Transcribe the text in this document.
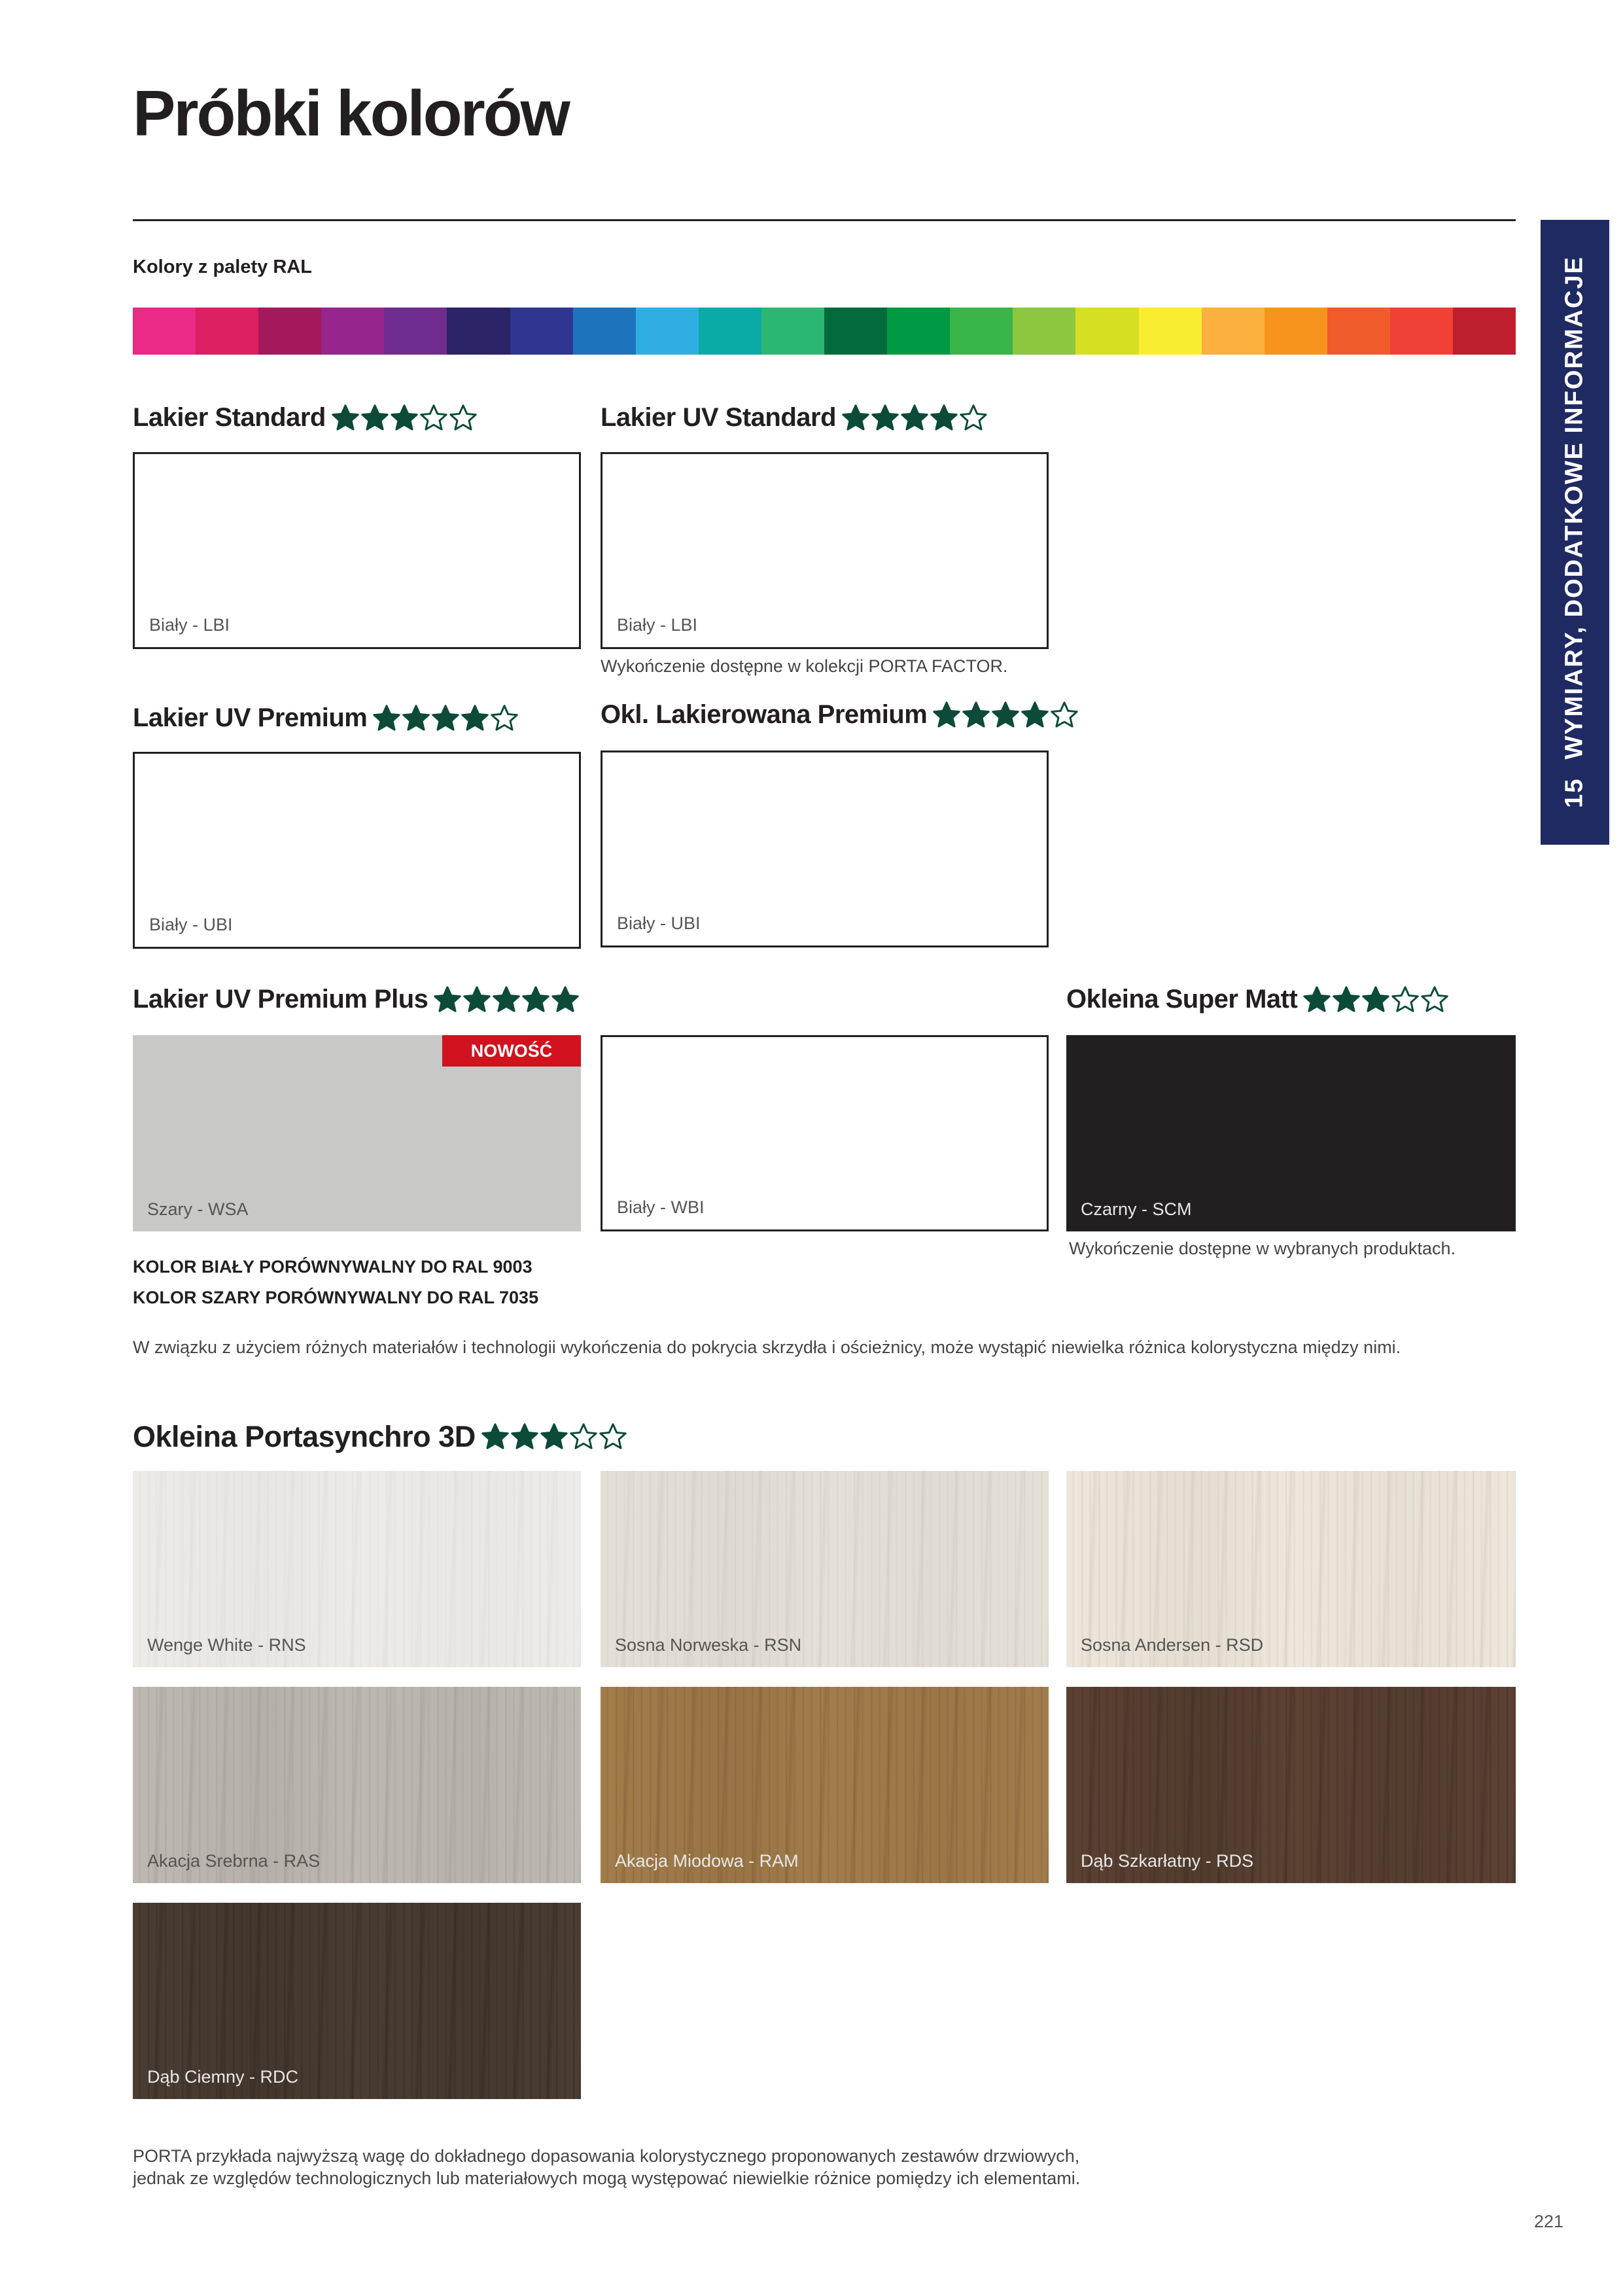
Próbki kolorów
15WYMIARY, DODATKOWE INFORMACJE
Kolory z palety RAL
Lakier Standard
Biały - LBI
Lakier UV Standard
Biały - LBI
Wykończenie dostępne w kolekcji PORTA FACTOR.
Lakier UV Premium
Biały - UBI
Okl. Lakierowana Premium
Biały - UBI
Lakier UV Premium Plus
NOWOŚĆ
Szary - WSA	Biały - WBI
Okleina Super Matt
Czarny - SCM
Wykończenie dostępne w wybranych produktach.
KOLOR BIAŁY PORÓWNYWALNY DO RAL 9003
KOLOR SZARY PORÓWNYWALNY DO RAL 7035
W związku z użyciem różnych materiałów i technologii wykończenia do pokrycia skrzydła i ościeżnicy, może wystąpić niewielka różnica kolorystyczna między nimi.
Okleina Portasynchro 3D
Wenge White - RNS	Sosna Norweska - RSN	Sosna Andersen - RSD
Akacja Srebrna - RAS	Akacja Miodowa - RAM	Dąb Szkarłatny - RDS
Dąb Ciemny - RDC
PORTA przykłada najwyższą wagę do dokładnego dopasowania kolorystycznego proponowanych zestawów drzwiowych,
jednak ze względów technologicznych lub materiałowych mogą występować niewielkie różnice pomiędzy ich elementami.
221
